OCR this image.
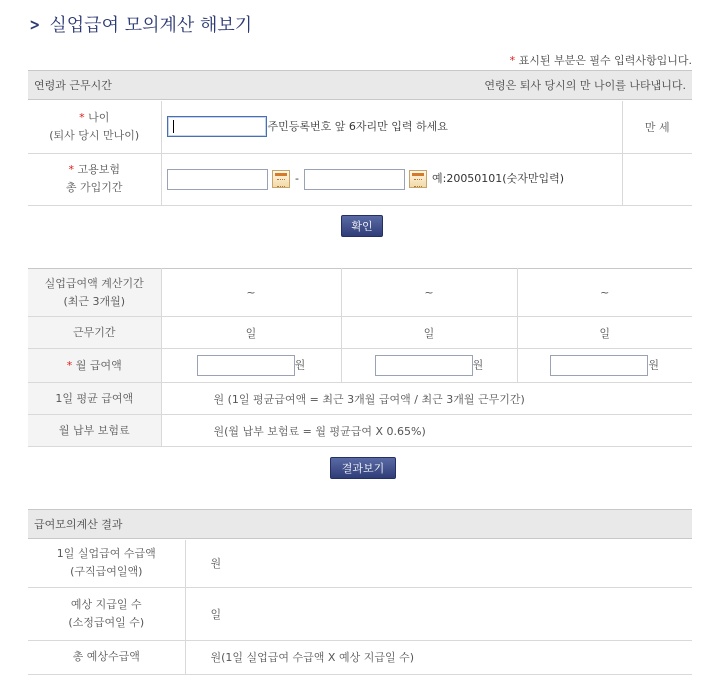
> 실업급여 모의계산 해보기
* 표시된 부분은 필수 입력사항입니다.
연령과 근무시간	연령은 퇴사 당시의 만 나이를 나타냅니다.
* 나이
(퇴사 당시 만나이)	주민등록번호 앞 6자리만 입력 하세요	만 세

* 고용보험
총 가입기간	- 예:20050101(숫자만입력)	
확인
실업급여액 계산기간
(최근 3개월)	~	~	~
근무기간	일	일	일
* 월 급여액	원	원	원
1일 평균 급여액	원 (1일 평균급여액 = 최근 3개월 급여액 / 최근 3개월 근무기간)		
월 납부 보험료	원(월 납부 보험료 = 월 평균급여 X 0.65%)		
결과보기
급여모의계산 결과
1일 실업급여 수급액
(구직급여일액)	원

예상 지급일 수
(소정급여일 수)	일
총 예상수급액	원(1일 실업급여 수급액 X 예상 지급일 수)
